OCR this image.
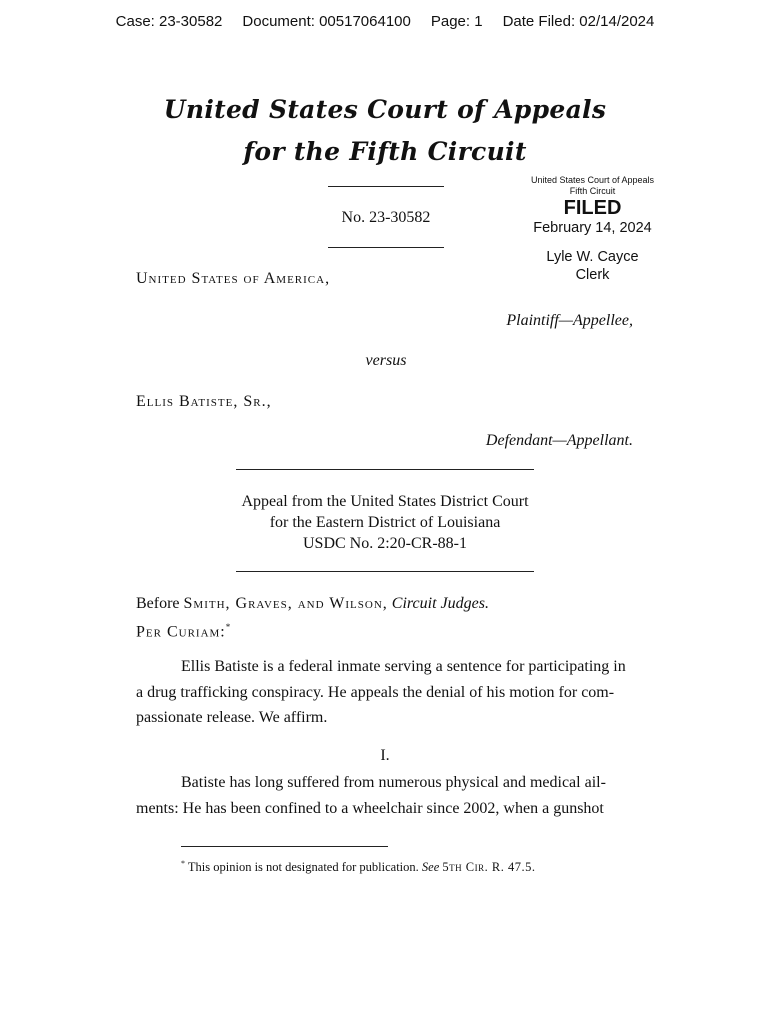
Case: 23-30582 Document: 00517064100 Page: 1 Date Filed: 02/14/2024
United States Court of Appeals
for the Fifth Circuit
No. 23-30582
United States Court of Appeals
Fifth Circuit
FILED
February 14, 2024
Lyle W. Cayce
Clerk
United States of America,
Plaintiff—Appellee,
versus
Ellis Batiste, Sr.,
Defendant—Appellant.
Appeal from the United States District Court
for the Eastern District of Louisiana
USDC No. 2:20-CR-88-1
Before Smith, Graves, and Wilson, Circuit Judges.
Per Curiam:*
Ellis Batiste is a federal inmate serving a sentence for participating in
a drug trafficking conspiracy. He appeals the denial of his motion for com-
passionate release. We affirm.
I.
Batiste has long suffered from numerous physical and medical ail-
ments: He has been confined to a wheelchair since 2002, when a gunshot
* This opinion is not designated for publication. See 5th Cir. R. 47.5.
